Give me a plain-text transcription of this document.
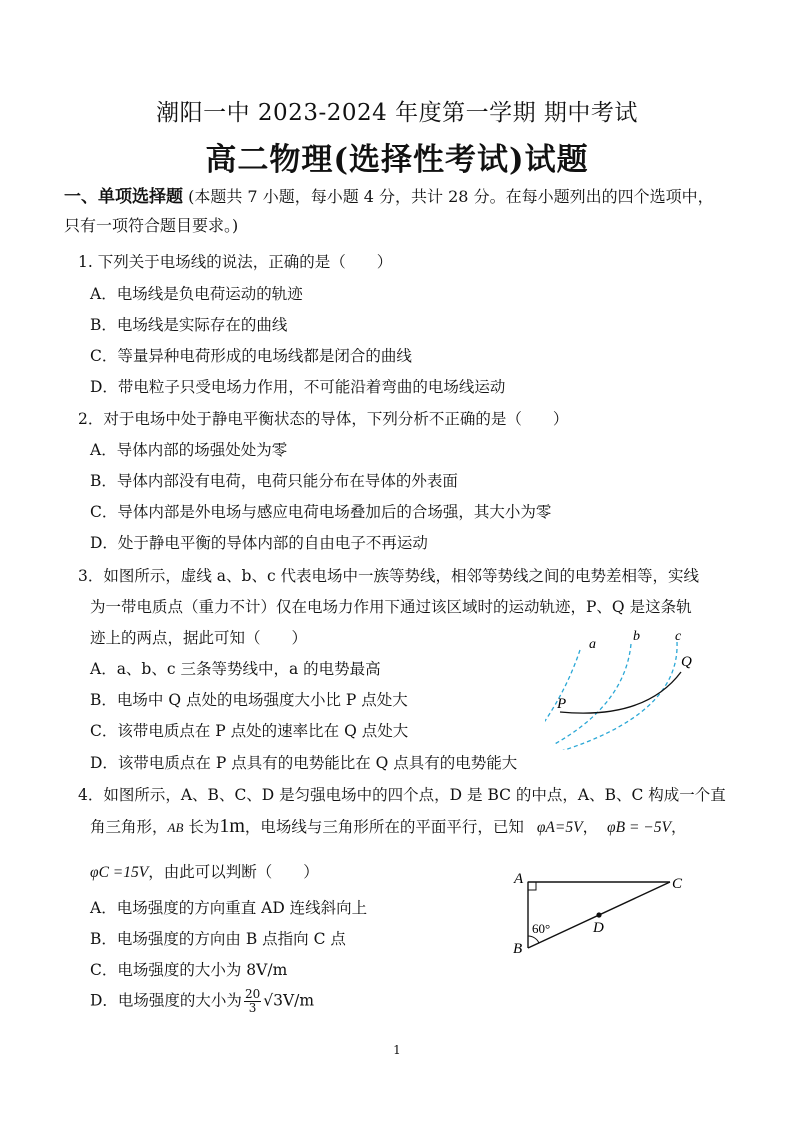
潮阳一中 2023-2024 年度第一学期 期中考试
高二物理(选择性考试)试题
一、单项选择题 (本题共 7 小题，每小题 4 分，共计 28 分。在每小题列出的四个选项中，
只有一项符合题目要求。)
1. 下列关于电场线的说法，正确的是（　　）
A．电场线是负电荷运动的轨迹
B．电场线是实际存在的曲线
C．等量异种电荷形成的电场线都是闭合的曲线
D．带电粒子只受电场力作用，不可能沿着弯曲的电场线运动
2．对于电场中处于静电平衡状态的导体，下列分析不正确的是（　　）
A．导体内部的场强处处为零
B．导体内部没有电荷，电荷只能分布在导体的外表面
C．导体内部是外电场与感应电荷电场叠加后的合场强，其大小为零
D．处于静电平衡的导体内部的自由电子不再运动
3．如图所示，虚线 a、b、c 代表电场中一族等势线，相邻等势线之间的电势差相等，实线
为一带电质点（重力不计）仅在电场力作用下通过该区域时的运动轨迹，P、Q 是这条轨
迹上的两点，据此可知（　　）
A．a、b、c 三条等势线中，a 的电势最高
B．电场中 Q 点处的电场强度大小比 P 点处大
C．该带电质点在 P 点处的速率比在 Q 点处大
D．该带电质点在 P 点具有的电势能比在 Q 点具有的电势能大
a
b	c
Q
P
4．如图所示，A、B、C、D 是匀强电场中的四个点，D 是 BC 的中点，A、B、C 构成一个直
角三角形，AB 长为1m，电场线与三角形所在的平面平行，已知 φA=5V， φB = −5V，
φC =15V，由此可以判断（　　）
A．电场强度的方向重直 AD 连线斜向上
B．电场强度的方向由 B 点指向 C 点
C．电场强度的大小为 8V/m
D．电场强度的大小为 $\frac{20}{3} √3V/m$
A	C
D
B
60°
1
